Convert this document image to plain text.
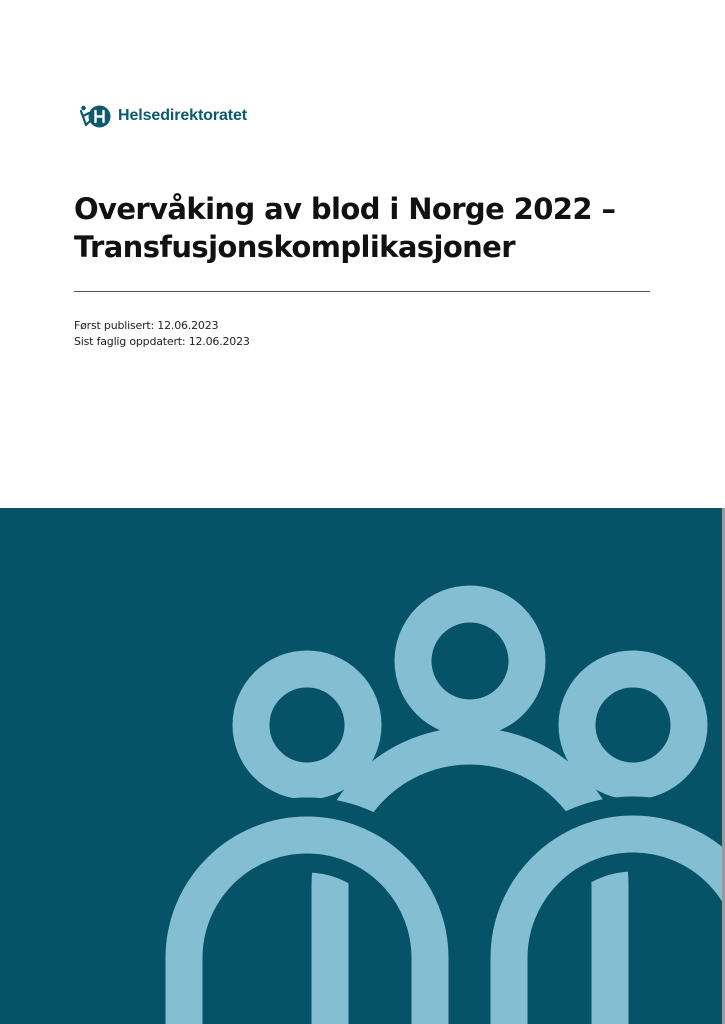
Helsedirektoratet
Overvåking av blod i Norge 2022 –
Transfusjonskomplikasjoner
Først publisert: 12.06.2023
Sist faglig oppdatert: 12.06.2023
